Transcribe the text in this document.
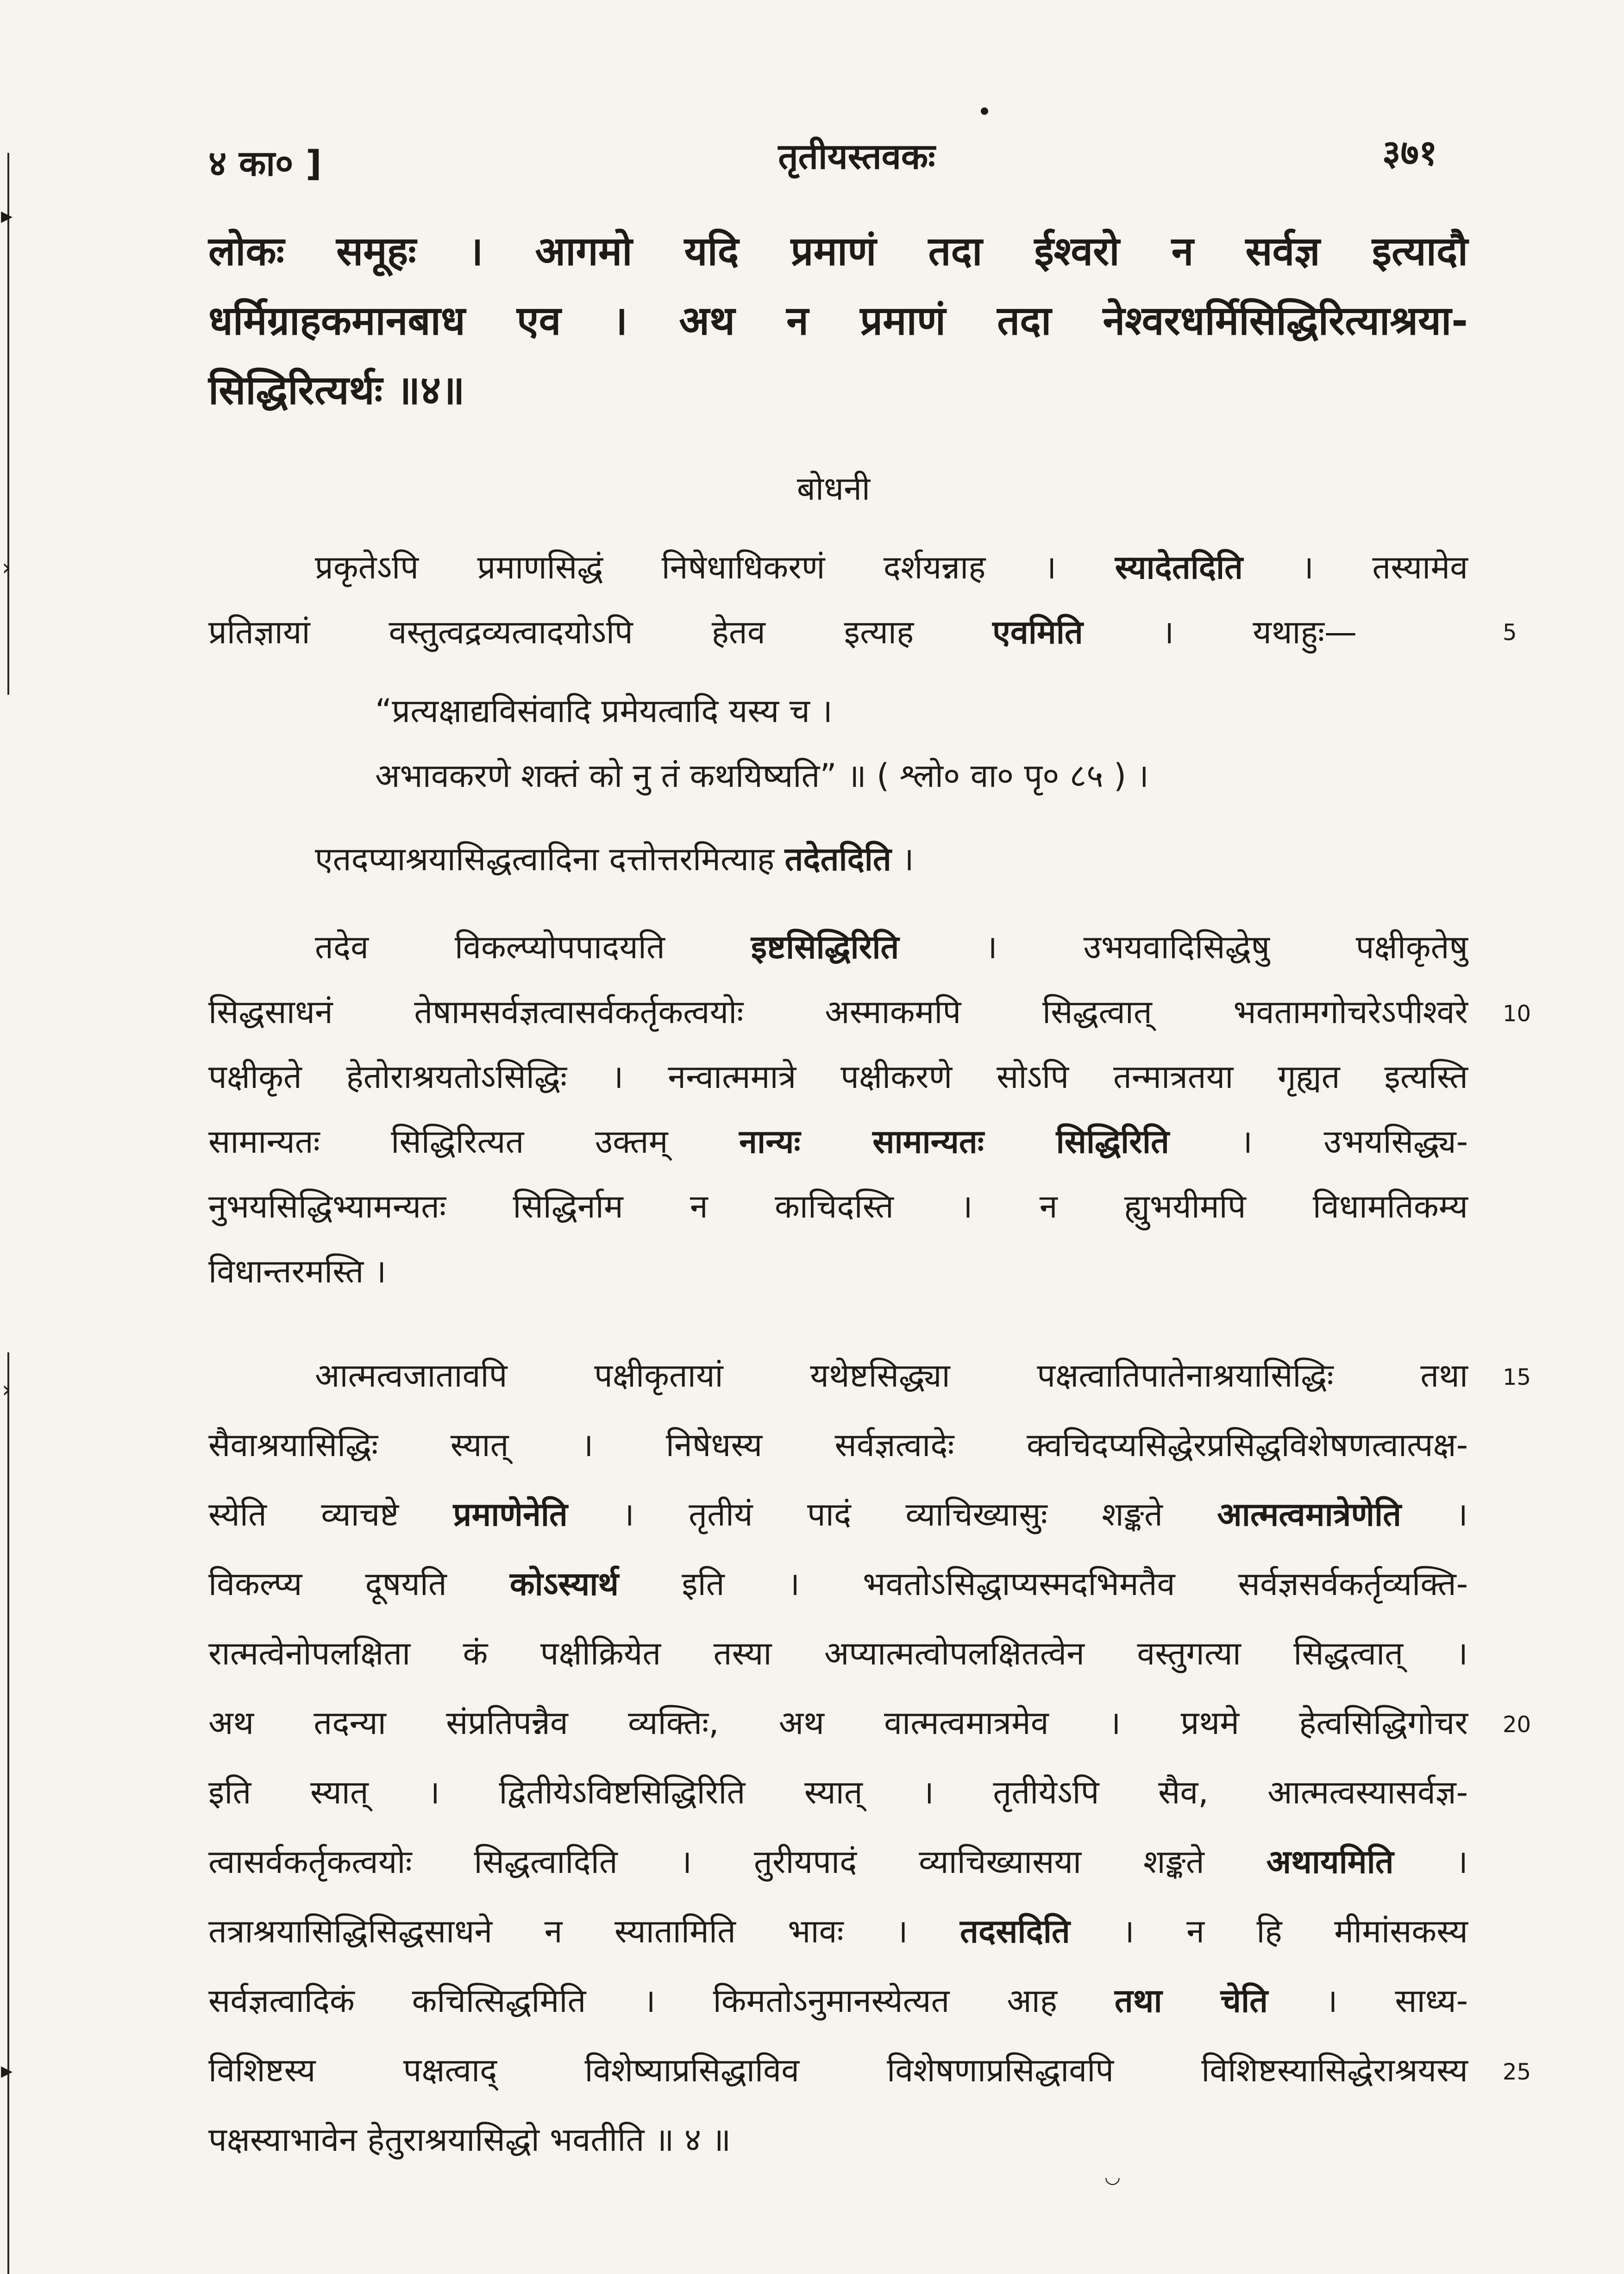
▸
›
›
▸
४ का० ]	तृतीयस्तवकः	३७१
लोकः समूहः । आगमो यदि प्रमाणं तदा ईश्वरो न सर्वज्ञ इत्यादौ
धर्मिग्राहकमानबाध एव । अथ न प्रमाणं तदा नेश्वरधर्मिसिद्धिरित्याश्रया-
सिद्धिरित्यर्थः ॥४॥
बोधनी
प्रकृतेऽपि प्रमाणसिद्धं निषेधाधिकरणं दर्शयन्नाह । स्यादेतदिति । तस्यामेव
प्रतिज्ञायां वस्तुत्वद्रव्यत्वादयोऽपि हेतव इत्याह एवमिति । यथाहुः—
“प्रत्यक्षाद्यविसंवादि प्रमेयत्वादि यस्य च ।
अभावकरणे शक्तं को नु तं कथयिष्यति” ॥ ( श्लो० वा० पृ० ८५ ) ।
एतदप्याश्रयासिद्धत्वादिना दत्तोत्तरमित्याह तदेतदिति ।
तदेव विकल्प्योपपादयति	इष्टसिद्धिरिति	। उभयवादिसिद्धेषु पक्षीकृतेषु
सिद्धसाधनं तेषामसर्वज्ञत्वासर्वकर्तृकत्वयोः अस्माकमपि सिद्धत्वात् भवतामगोचरेऽपीश्वरे
पक्षीकृते हेतोराश्रयतोऽसिद्धिः । नन्वात्ममात्रे पक्षीकरणे सोऽपि तन्मात्रतया गृह्यत इत्यस्ति
सामान्यतः सिद्धिरित्यत उक्तम् नान्यः सामान्यतः सिद्धिरिति । उभयसिद्ध्य-
नुभयसिद्धिभ्यामन्यतः सिद्धिर्नाम न काचिदस्ति । न ह्युभयीमपि विधामतिकम्य
विधान्तरमस्ति ।
आत्मत्वजातावपि पक्षीकृतायां यथेष्टसिद्ध्या पक्षत्वातिपातेनाश्रयासिद्धिः तथा
सैवाश्रयासिद्धिः स्यात् । निषेधस्य सर्वज्ञत्वादेः क्वचिदप्यसिद्धेरप्रसिद्धविशेषणत्वात्पक्ष-
स्येति व्याचष्टे प्रमाणेनेति । तृतीयं पादं व्याचिख्यासुः शङ्कते आत्मत्वमात्रेणेति ।
विकल्प्य दूषयति कोऽस्यार्थ इति । भवतोऽसिद्धाप्यस्मदभिमतैव सर्वज्ञसर्वकर्तृव्यक्ति-
रात्मत्वेनोपलक्षिता कं पक्षीक्रियेत तस्या अप्यात्मत्वोपलक्षितत्वेन वस्तुगत्या सिद्धत्वात् ।
अथ तदन्या संप्रतिपन्नैव व्यक्तिः, अथ वात्मत्वमात्रमेव । प्रथमे हेत्वसिद्धिगोचर
इति स्यात् । द्वितीयेऽविष्टसिद्धिरिति स्यात् । तृतीयेऽपि सैव, आत्मत्वस्यासर्वज्ञ-
त्वासर्वकर्तृकत्वयोः सिद्धत्वादिति । तुरीयपादं व्याचिख्यासया शङ्कते अथायमिति ।
तत्राश्रयासिद्धिसिद्धसाधने न स्यातामिति भावः । तदसदिति । न हि मीमांसकस्य
सर्वज्ञत्वादिकं कचित्सिद्धमिति । किमतोऽनुमानस्येत्यत आह तथा चेति । साध्य-
विशिष्टस्य पक्षत्वाद् विशेष्याप्रसिद्धाविव विशेषणाप्रसिद्धावपि विशिष्टस्यासिद्धेराश्रयस्य
पक्षस्याभावेन हेतुराश्रयासिद्धो भवतीति ॥ ४ ॥
5
10
15
20
25
◡
